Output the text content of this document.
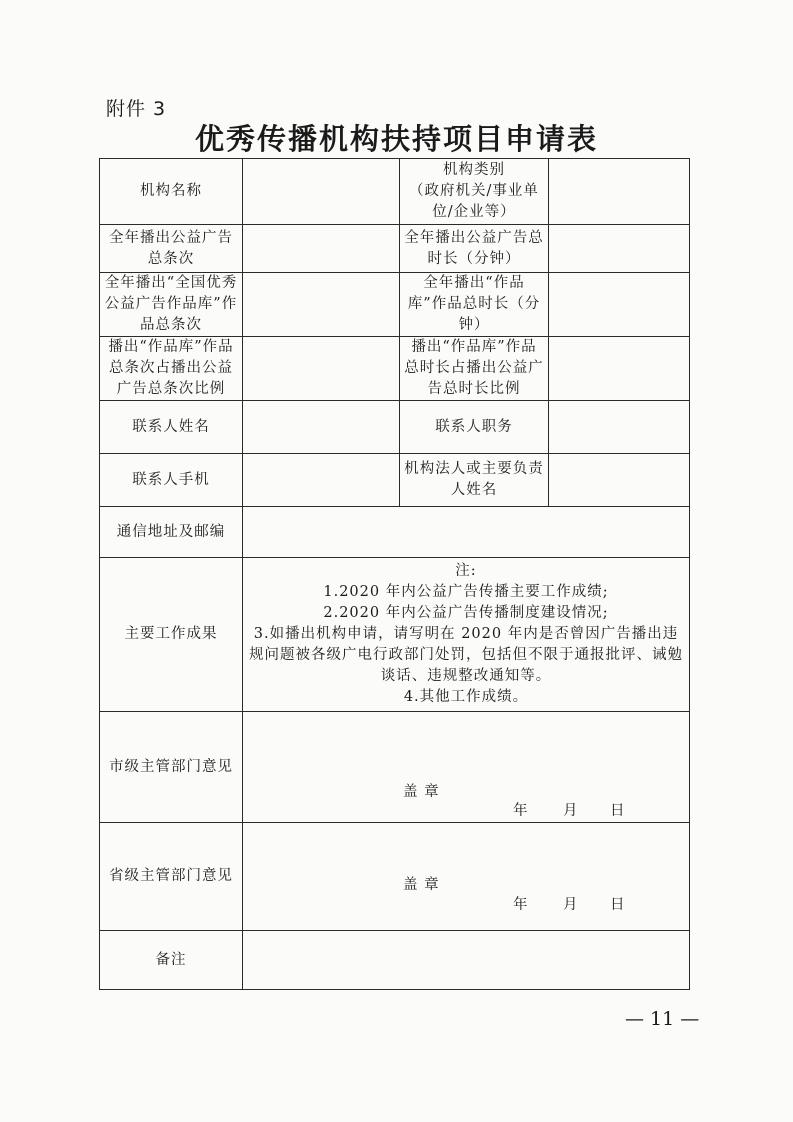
附件 3
优秀传播机构扶持项目申请表
机构名称		机构类别
（政府机关/事业单位/企业等）	

全年播出公益广告总条次		全年播出公益广告总时长（分钟）	
全年播出“全国优秀公益广告作品库”作品总条次		全年播出“作品库”作品总时长（分钟）	
播出“作品库”作品总条次占播出公益广告总条次比例		播出“作品库”作品总时长占播出公益广告总时长比例	
联系人姓名		联系人职务	
联系人手机		机构法人或主要负责人姓名	
通信地址及邮编			
主要工作成果	注:
1.2020 年内公益广告传播主要工作成绩;
2.2020 年内公益广告传播制度建设情况;
3.如播出机构申请，请写明在 2020 年内是否曾因广告播出违规问题被各级广电行政部门处罚，包括但不限于通报批评、诫勉谈话、违规整改通知等。
4.其他工作成绩。		

市级主管部门意见	盖 章
年 月 日		

省级主管部门意见	盖 章
年 月 日		

备注			
— 11 —
